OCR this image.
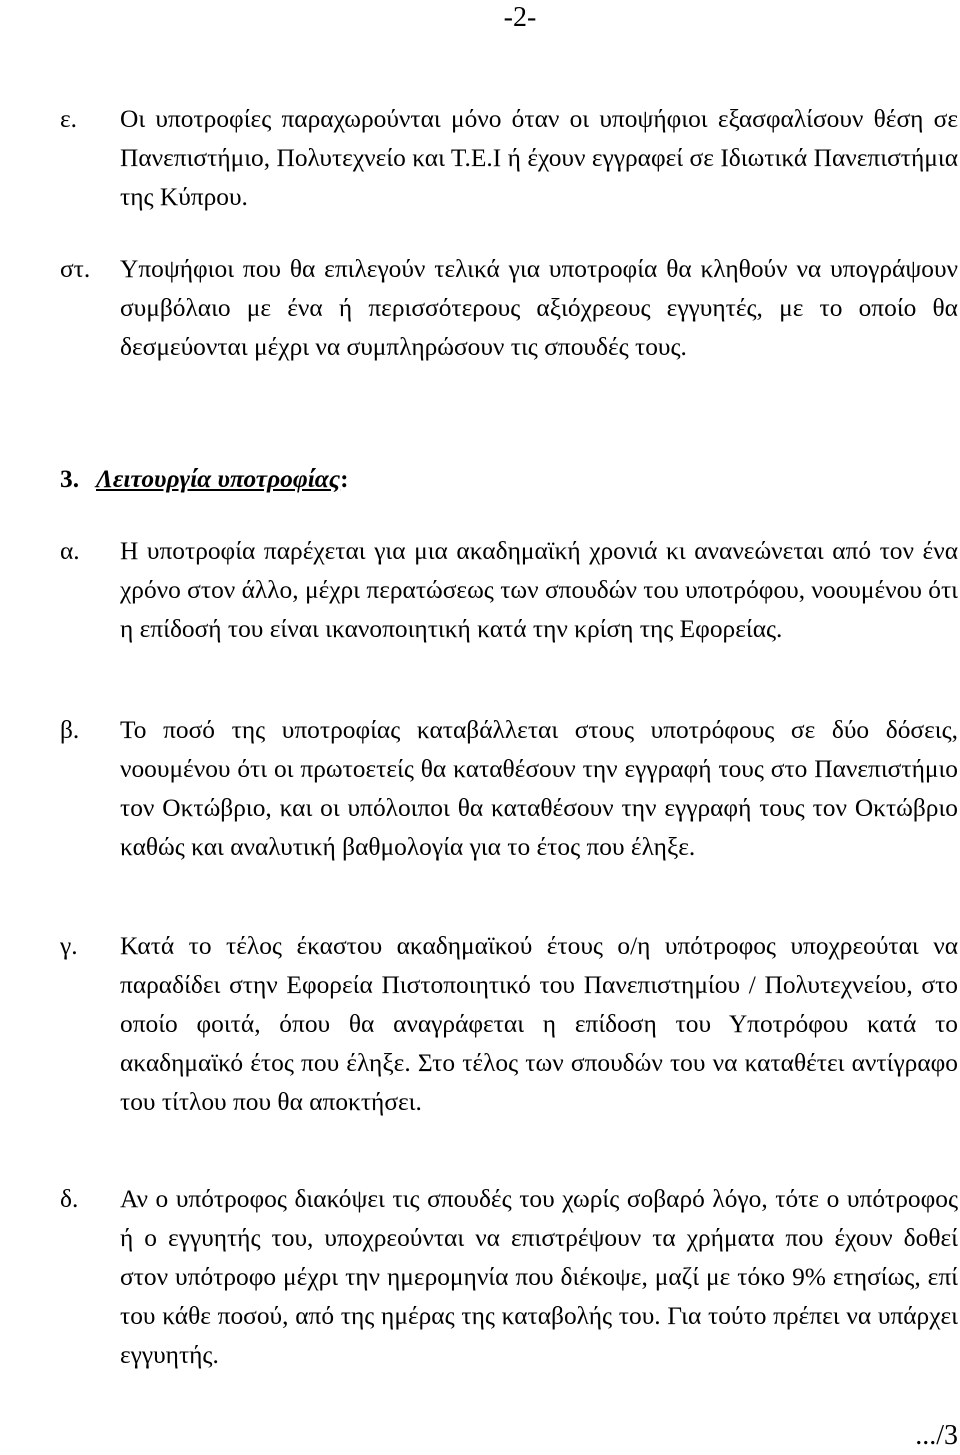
-2-
ε. Οι υποτροφίες παραχωρούνται μόνο όταν οι υποψήφιοι εξασφαλίσουν θέση σε Πανεπιστήμιο, Πολυτεχνείο και Τ.Ε.Ι ή έχουν εγγραφεί σε Ιδιωτικά Πανεπιστήμια της Κύπρου.
στ. Υποψήφιοι που θα επιλεγούν τελικά για υποτροφία θα κληθούν να υπογράψουν συμβόλαιο με ένα ή περισσότερους αξιόχρεους εγγυητές, με το οποίο θα δεσμεύονται μέχρι να συμπληρώσουν τις σπουδές τους.
3. Λειτουργία υποτροφίας:
α. Η υποτροφία παρέχεται για μια ακαδημαϊκή χρονιά κι ανανεώνεται από τον ένα χρόνο στον άλλο, μέχρι περατώσεως των σπουδών του υποτρόφου, νοουμένου ότι η επίδοσή του είναι ικανοποιητική κατά την κρίση της Εφορείας.
β. Το ποσό της υποτροφίας καταβάλλεται στους υποτρόφους σε δύο δόσεις, νοουμένου ότι οι πρωτοετείς θα καταθέσουν την εγγραφή τους στο Πανεπιστήμιο τον Οκτώβριο, και οι υπόλοιποι θα καταθέσουν την εγγραφή τους τον Οκτώβριο καθώς και αναλυτική βαθμολογία για το έτος που έληξε.
γ. Κατά το τέλος έκαστου ακαδημαϊκού έτους ο/η υπότροφος υποχρεούται να παραδίδει στην Εφορεία Πιστοποιητικό του Πανεπιστημίου / Πολυτεχνείου, στο οποίο φοιτά, όπου θα αναγράφεται η επίδοση του Υποτρόφου κατά το ακαδημαϊκό έτος που έληξε. Στο τέλος των σπουδών του να καταθέτει αντίγραφο του τίτλου που θα αποκτήσει.
δ. Αν ο υπότροφος διακόψει τις σπουδές του χωρίς σοβαρό λόγο, τότε ο υπότροφος ή ο εγγυητής του, υποχρεούνται να επιστρέψουν τα χρήματα που έχουν δοθεί στον υπότροφο μέχρι την ημερομηνία που διέκοψε, μαζί με τόκο 9% ετησίως, επί του κάθε ποσού, από της ημέρας της καταβολής του. Για τούτο πρέπει να υπάρχει εγγυητής.
.../3
